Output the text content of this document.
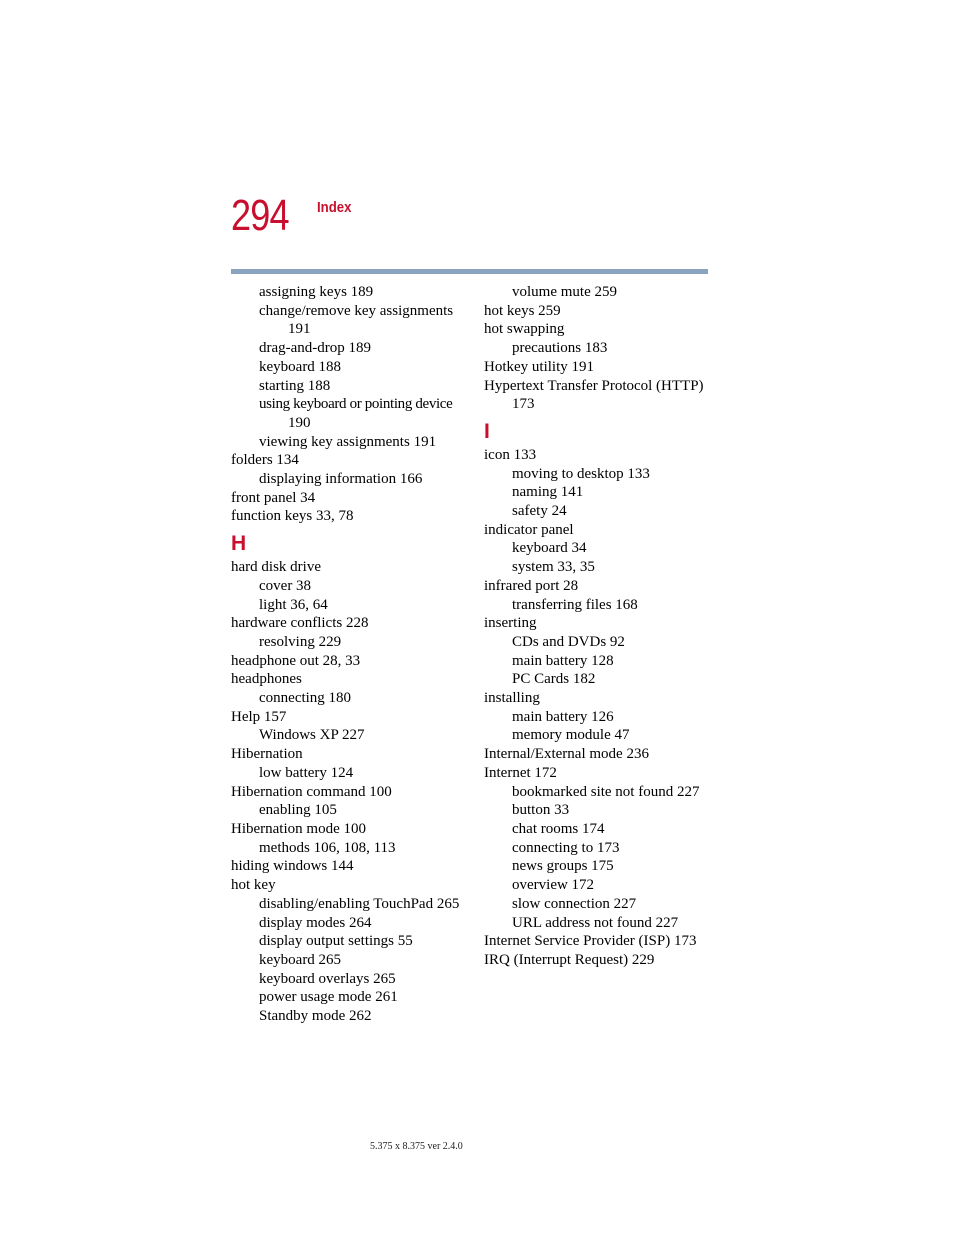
294 Index
assigning keys 189
change/remove key assignments
191
drag-and-drop 189
keyboard 188
starting 188
using keyboard or pointing device
190
viewing key assignments 191
folders 134
displaying information 166
front panel 34
function keys 33, 78
H
hard disk drive
cover 38
light 36, 64
hardware conflicts 228
resolving 229
headphone out 28, 33
headphones
connecting 180
Help 157
Windows XP 227
Hibernation
low battery 124
Hibernation command 100
enabling 105
Hibernation mode 100
methods 106, 108, 113
hiding windows 144
hot key
disabling/enabling TouchPad 265
display modes 264
display output settings 55
keyboard 265
keyboard overlays 265
power usage mode 261
Standby mode 262
volume mute 259
hot keys 259
hot swapping
precautions 183
Hotkey utility 191
Hypertext Transfer Protocol (HTTP)
173
I
icon 133
moving to desktop 133
naming 141
safety 24
indicator panel
keyboard 34
system 33, 35
infrared port 28
transferring files 168
inserting
CDs and DVDs 92
main battery 128
PC Cards 182
installing
main battery 126
memory module 47
Internal/External mode 236
Internet 172
bookmarked site not found 227
button 33
chat rooms 174
connecting to 173
news groups 175
overview 172
slow connection 227
URL address not found 227
Internet Service Provider (ISP) 173
IRQ (Interrupt Request) 229
5.375 x 8.375 ver 2.4.0
